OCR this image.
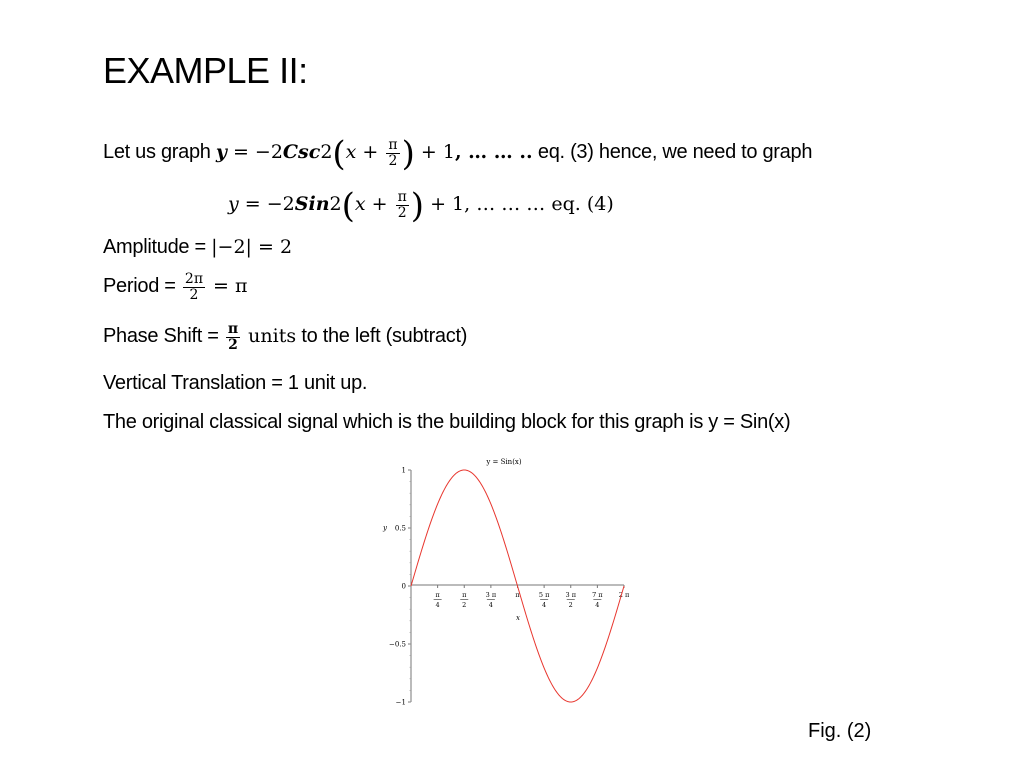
EXAMPLE II:
Let us graph $y = -2Csc2(x + \frac{\pi}{2}$ ) + 1, … … .. eq. (3) hence, we need to graph
$y = -2Sin2(x + \frac{\pi}{2}$ ) + 1, … … … eq. (4)
Amplitude = |−2| = 2
Period = $\frac{2\pi}{2} = \pi$
Phase Shift = $\frac{\pi}{2}$ units to the left (subtract)
Vertical Translation = 1 unit up.
The original classical signal which is the building block for this graph is y = Sin(x)
y = Sin(x)
y
x
1
0.5
0
−0.5
−1
π
4
π
2
3 π
4
π	5 π
4
3 π
2
7 π
4
2 π
Fig. (2)
